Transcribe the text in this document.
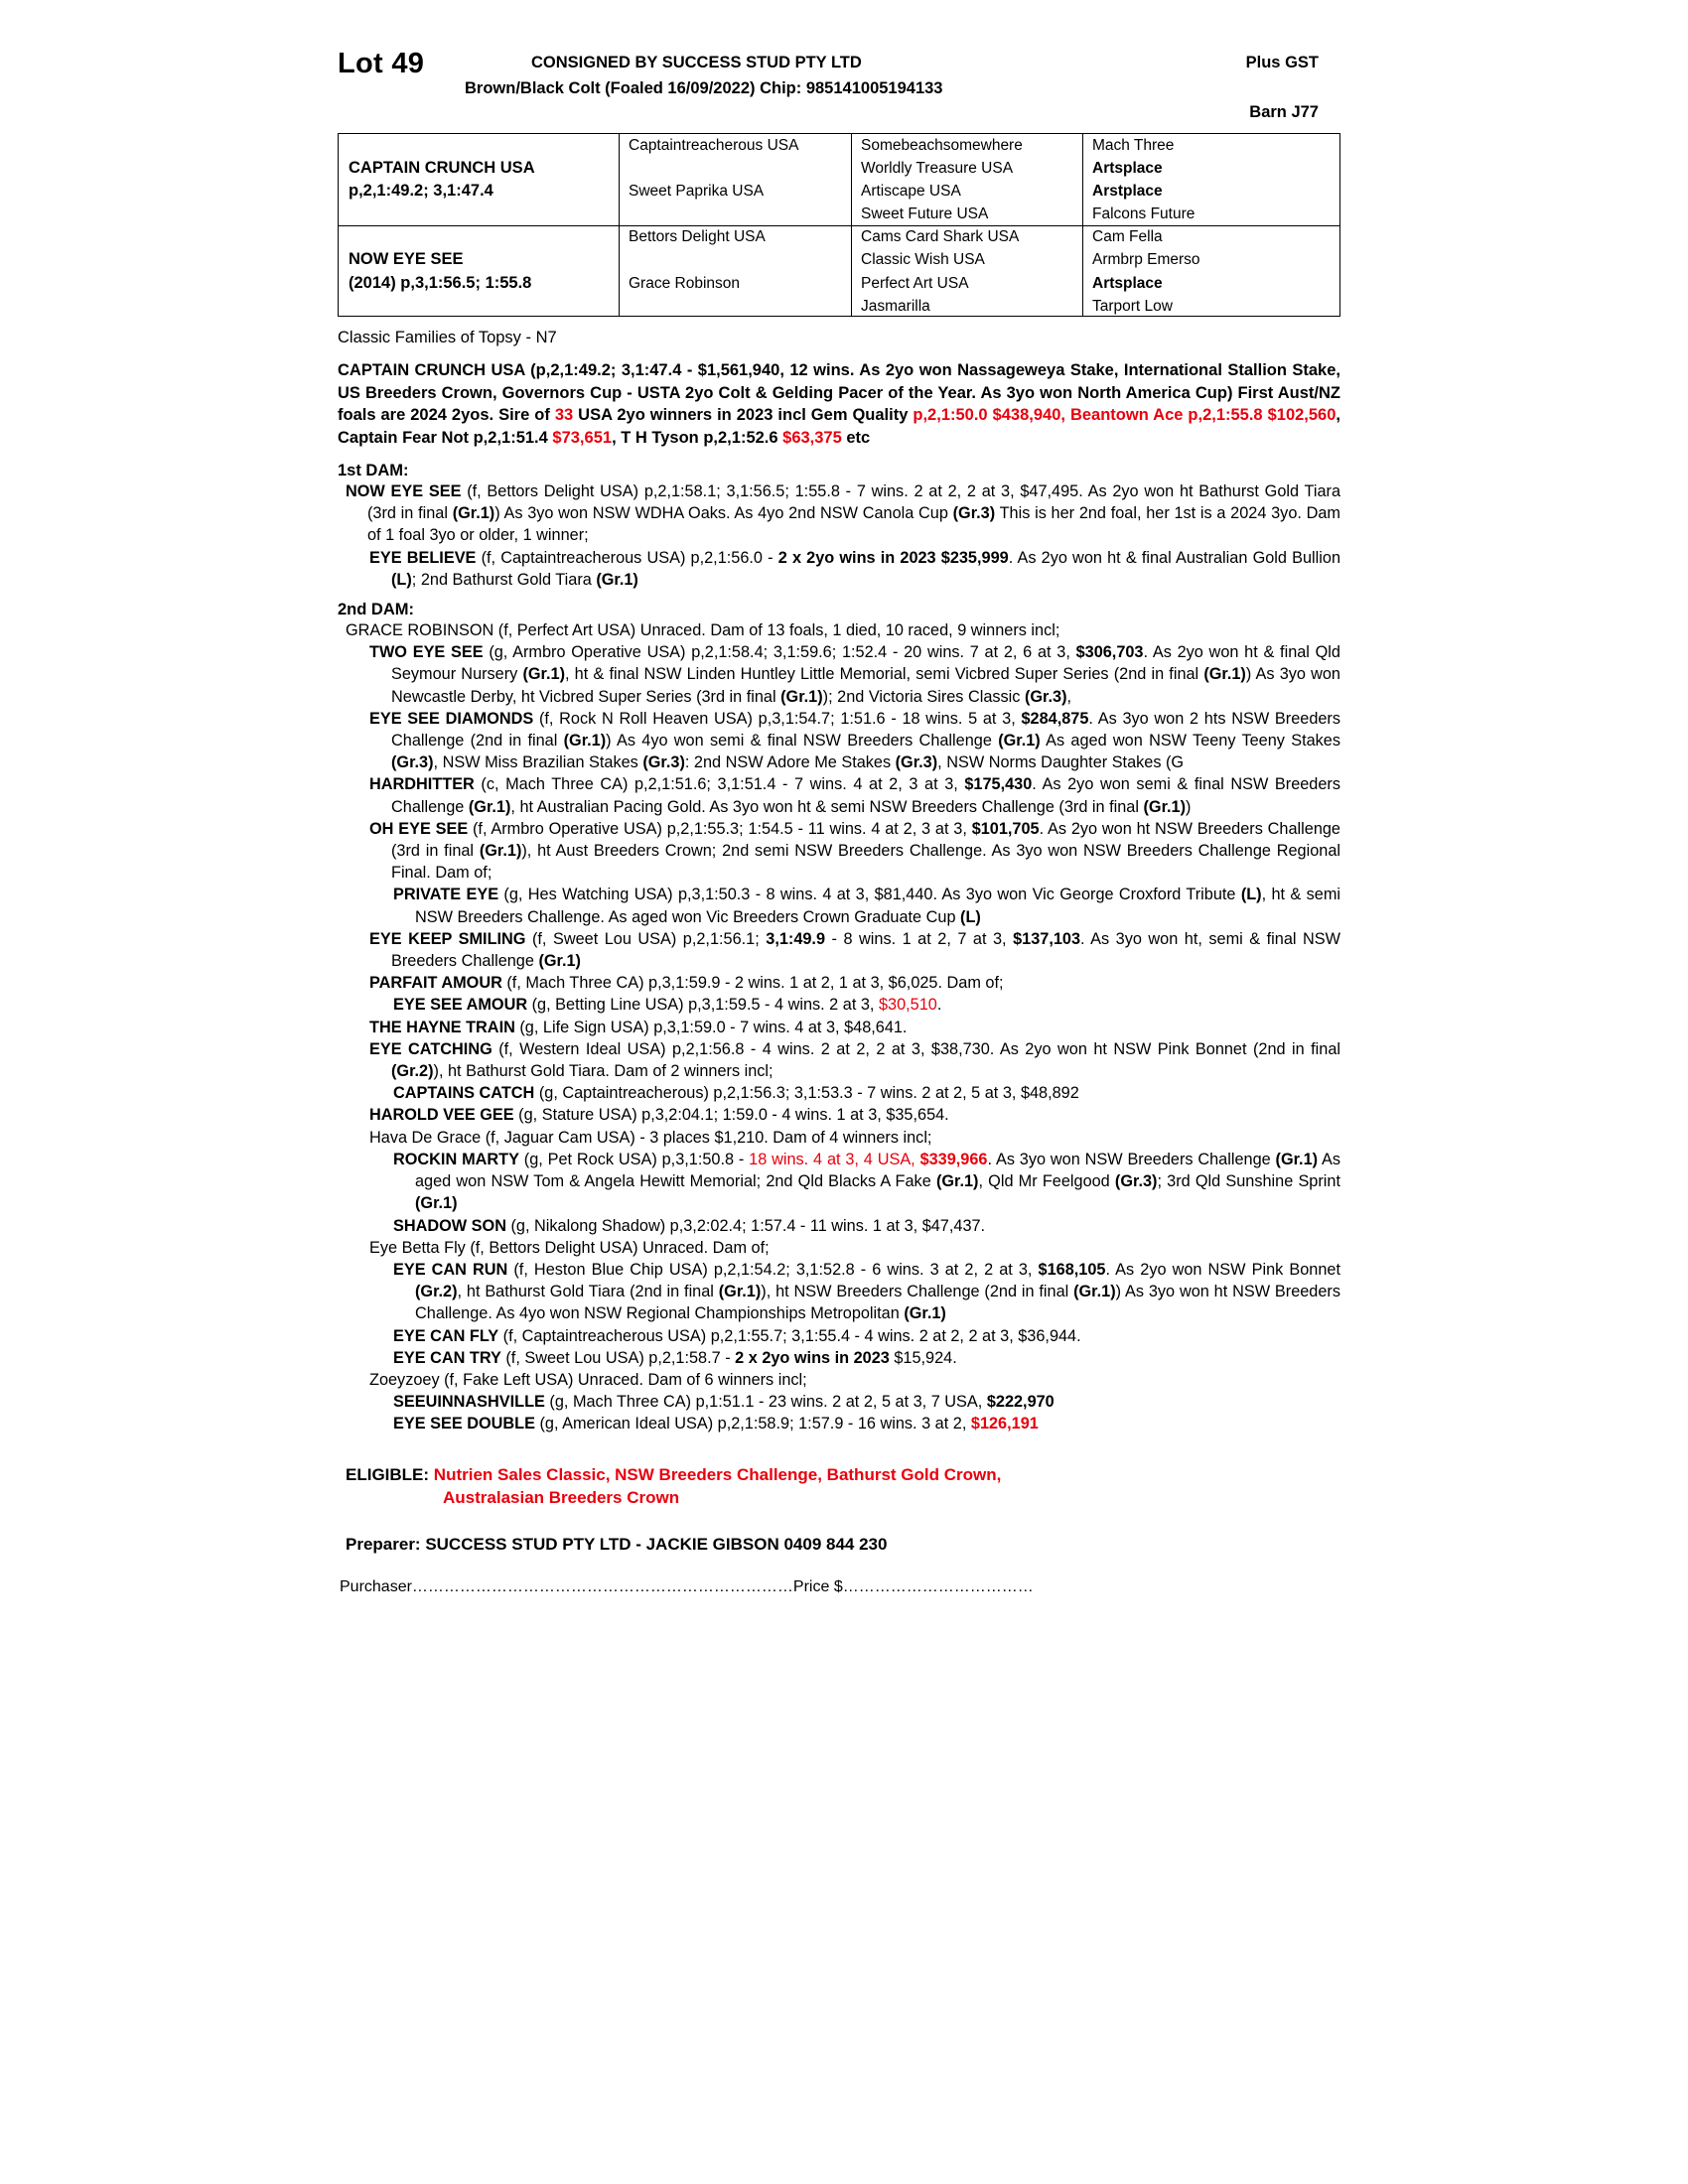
Lot 49	CONSIGNED BY SUCCESS STUD PTY LTD	Plus GST
Brown/Black Colt (Foaled 16/09/2022) Chip: 985141005194133
Barn J77
CAPTAIN CRUNCH USA
p,2,1:49.2; 3,1:47.4
NOW EYE SEE
(2014) p,3,1:56.5; 1:55.8
Captaintreacherous USA
Sweet Paprika USA
Bettors Delight USA
Grace Robinson
Somebeachsomewhere
Worldly Treasure USA
Artiscape USA
Sweet Future USA
Cams Card Shark USA
Classic Wish USA
Perfect Art USA
Jasmarilla
Mach Three
Artsplace
Arstplace
Falcons Future
Cam Fella
Armbrp Emerso
Artsplace
Tarport Low
Classic Families of Topsy - N7
CAPTAIN CRUNCH USA (p,2,1:49.2; 3,1:47.4 - $1,561,940, 12 wins. As 2yo won Nassageweya Stake, International Stallion Stake, US Breeders Crown, Governors Cup - USTA 2yo Colt & Gelding Pacer of the Year. As 3yo won North America Cup) First Aust/NZ foals are 2024 2yos. Sire of 33 USA 2yo winners in 2023 incl Gem Quality p,2,1:50.0 $438,940, Beantown Ace p,2,1:55.8 $102,560, Captain Fear Not p,2,1:51.4 $73,651, T H Tyson p,2,1:52.6 $63,375 etc
1st DAM:

NOW EYE SEE (f, Bettors Delight USA) p,2,1:58.1; 3,1:56.5; 1:55.8 - 7 wins. 2 at 2, 2 at 3, $47,495. As 2yo won ht Bathurst Gold Tiara (3rd in final (Gr.1)) As 3yo won NSW WDHA Oaks. As 4yo 2nd NSW Canola Cup (Gr.3) This is her 2nd foal, her 1st is a 2024 3yo. Dam of 1 foal 3yo or older, 1 winner;

EYE BELIEVE (f, Captaintreacherous USA) p,2,1:56.0 - 2 x 2yo wins in 2023 $235,999. As 2yo won ht & final Australian Gold Bullion (L); 2nd Bathurst Gold Tiara (Gr.1)

2nd DAM:

GRACE ROBINSON (f, Perfect Art USA) Unraced. Dam of 13 foals, 1 died, 10 raced, 9 winners incl;

TWO EYE SEE (g, Armbro Operative USA) p,2,1:58.4; 3,1:59.6; 1:52.4 - 20 wins. 7 at 2, 6 at 3, $306,703. As 2yo won ht & final Qld Seymour Nursery (Gr.1), ht & final NSW Linden Huntley Little Memorial, semi Vicbred Super Series (2nd in final (Gr.1)) As 3yo won Newcastle Derby, ht Vicbred Super Series (3rd in final (Gr.1)); 2nd Victoria Sires Classic (Gr.3),

EYE SEE DIAMONDS (f, Rock N Roll Heaven USA) p,3,1:54.7; 1:51.6 - 18 wins. 5 at 3, $284,875. As 3yo won 2 hts NSW Breeders Challenge (2nd in final (Gr.1)) As 4yo won semi & final NSW Breeders Challenge (Gr.1) As aged won NSW Teeny Teeny Stakes (Gr.3), NSW Miss Brazilian Stakes (Gr.3): 2nd NSW Adore Me Stakes (Gr.3), NSW Norms Daughter Stakes (G

HARDHITTER (c, Mach Three CA) p,2,1:51.6; 3,1:51.4 - 7 wins. 4 at 2, 3 at 3, $175,430. As 2yo won semi & final NSW Breeders Challenge (Gr.1), ht Australian Pacing Gold. As 3yo won ht & semi NSW Breeders Challenge (3rd in final (Gr.1))

OH EYE SEE (f, Armbro Operative USA) p,2,1:55.3; 1:54.5 - 11 wins. 4 at 2, 3 at 3, $101,705. As 2yo won ht NSW Breeders Challenge (3rd in final (Gr.1)), ht Aust Breeders Crown; 2nd semi NSW Breeders Challenge. As 3yo won NSW Breeders Challenge Regional Final. Dam of;

PRIVATE EYE (g, Hes Watching USA) p,3,1:50.3 - 8 wins. 4 at 3, $81,440. As 3yo won Vic George Croxford Tribute (L), ht & semi NSW Breeders Challenge. As aged won Vic Breeders Crown Graduate Cup (L)

EYE KEEP SMILING (f, Sweet Lou USA) p,2,1:56.1; 3,1:49.9 - 8 wins. 1 at 2, 7 at 3, $137,103. As 3yo won ht, semi & final NSW Breeders Challenge (Gr.1)

PARFAIT AMOUR (f, Mach Three CA) p,3,1:59.9 - 2 wins. 1 at 2, 1 at 3, $6,025. Dam of;

EYE SEE AMOUR (g, Betting Line USA) p,3,1:59.5 - 4 wins. 2 at 3, $30,510.

THE HAYNE TRAIN (g, Life Sign USA) p,3,1:59.0 - 7 wins. 4 at 3, $48,641.

EYE CATCHING (f, Western Ideal USA) p,2,1:56.8 - 4 wins. 2 at 2, 2 at 3, $38,730. As 2yo won ht NSW Pink Bonnet (2nd in final (Gr.2)), ht Bathurst Gold Tiara. Dam of 2 winners incl;

CAPTAINS CATCH (g, Captaintreacherous) p,2,1:56.3; 3,1:53.3 - 7 wins. 2 at 2, 5 at 3, $48,892

HAROLD VEE GEE (g, Stature USA) p,3,2:04.1; 1:59.0 - 4 wins. 1 at 3, $35,654.

Hava De Grace (f, Jaguar Cam USA) - 3 places $1,210. Dam of 4 winners incl;

ROCKIN MARTY (g, Pet Rock USA) p,3,1:50.8 - 18 wins. 4 at 3, 4 USA, $339,966. As 3yo won NSW Breeders Challenge (Gr.1) As aged won NSW Tom & Angela Hewitt Memorial; 2nd Qld Blacks A Fake (Gr.1), Qld Mr Feelgood (Gr.3); 3rd Qld Sunshine Sprint (Gr.1)

SHADOW SON (g, Nikalong Shadow) p,3,2:02.4; 1:57.4 - 11 wins. 1 at 3, $47,437.

Eye Betta Fly (f, Bettors Delight USA) Unraced. Dam of;

EYE CAN RUN (f, Heston Blue Chip USA) p,2,1:54.2; 3,1:52.8 - 6 wins. 3 at 2, 2 at 3, $168,105. As 2yo won NSW Pink Bonnet (Gr.2), ht Bathurst Gold Tiara (2nd in final (Gr.1)), ht NSW Breeders Challenge (2nd in final (Gr.1)) As 3yo won ht NSW Breeders Challenge. As 4yo won NSW Regional Championships Metropolitan (Gr.1)

EYE CAN FLY (f, Captaintreacherous USA) p,2,1:55.7; 3,1:55.4 - 4 wins. 2 at 2, 2 at 3, $36,944.

EYE CAN TRY (f, Sweet Lou USA) p,2,1:58.7 - 2 x 2yo wins in 2023 $15,924.

Zoeyzoey (f, Fake Left USA) Unraced. Dam of 6 winners incl;

SEEUINNASHVILLE (g, Mach Three CA) p,1:51.1 - 23 wins. 2 at 2, 5 at 3, 7 USA, $222,970

EYE SEE DOUBLE (g, American Ideal USA) p,2,1:58.9; 1:57.9 - 16 wins. 3 at 2, $126,191

ELIGIBLE: Nutrien Sales Classic, NSW Breeders Challenge, Bathurst Gold Crown,
Australasian Breeders Crown
Preparer: SUCCESS STUD PTY LTD - JACKIE GIBSON 0409 844 230
Purchaser………………………………………………………………Price $………………………………
